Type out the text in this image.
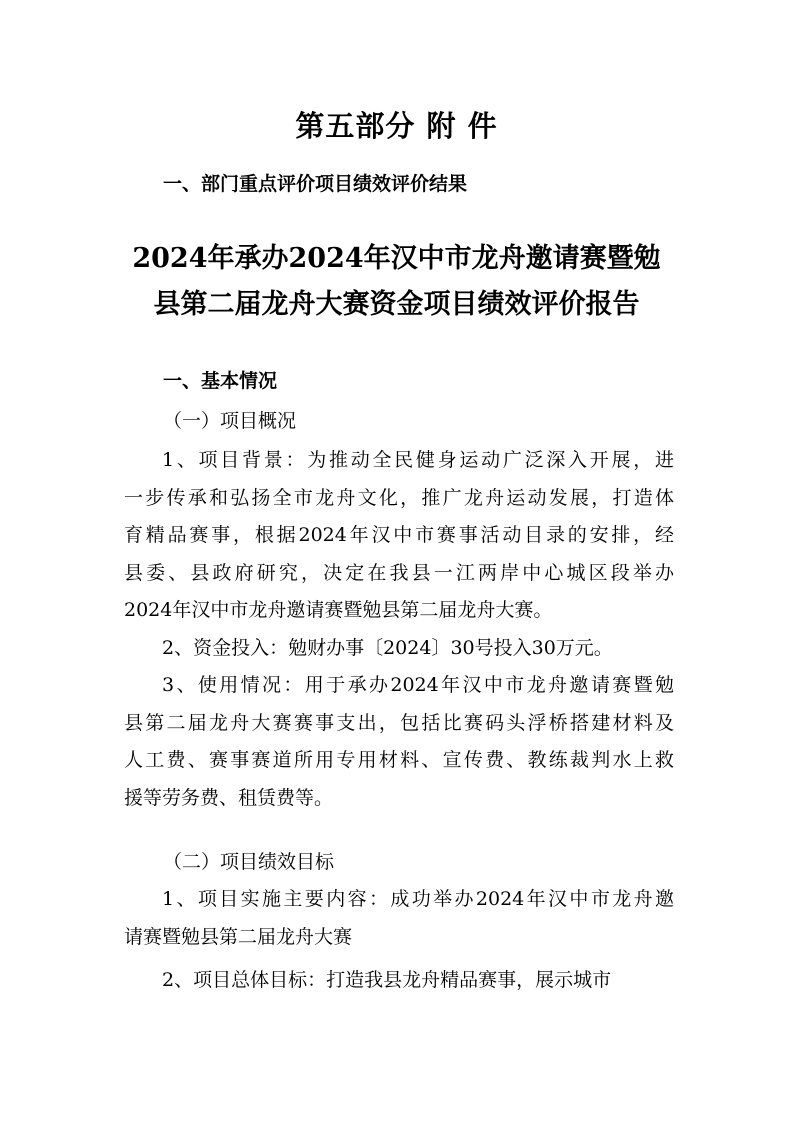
第五部分 附 件
一、部门重点评价项目绩效评价结果
2024年承办2024年汉中市龙舟邀请赛暨勉
县第二届龙舟大赛资金项目绩效评价报告
一、基本情况
（一）项目概况
1、项目背景：为推动全民健身运动广泛深入开展，进
一步传承和弘扬全市龙舟文化，推广龙舟运动发展，打造体
育精品赛事，根据2024年汉中市赛事活动目录的安排，经
县委、县政府研究，决定在我县一江两岸中心城区段举办
2024年汉中市龙舟邀请赛暨勉县第二届龙舟大赛。
2、资金投入：勉财办事〔2024〕30号投入30万元。
3、使用情况：用于承办2024年汉中市龙舟邀请赛暨勉
县第二届龙舟大赛赛事支出，包括比赛码头浮桥搭建材料及
人工费、赛事赛道所用专用材料、宣传费、教练裁判水上救
援等劳务费、租赁费等。
（二）项目绩效目标
1、项目实施主要内容：成功举办2024年汉中市龙舟邀
请赛暨勉县第二届龙舟大赛
2、项目总体目标：打造我县龙舟精品赛事，展示城市
